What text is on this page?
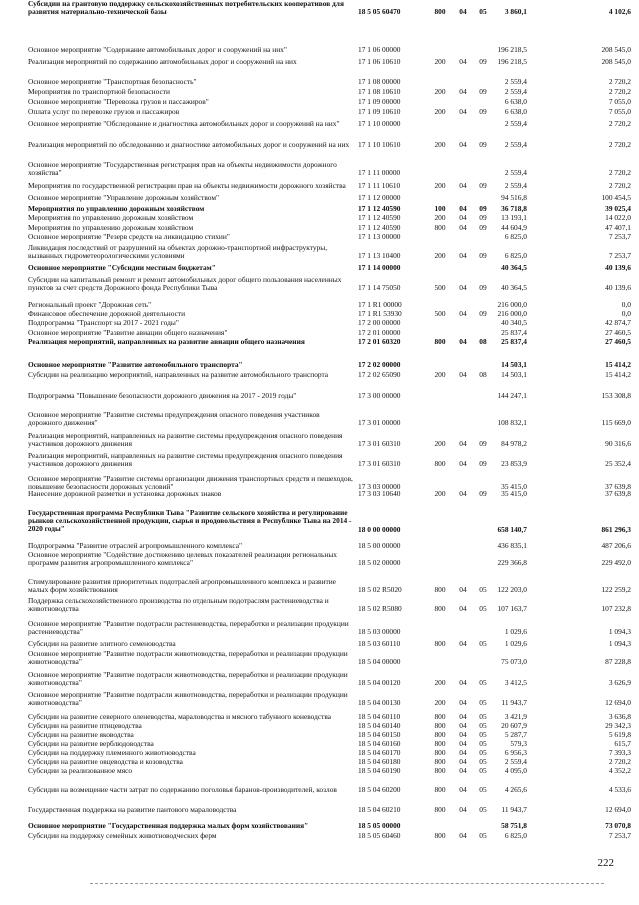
Основное мероприятие "Содержание автомобильных дорог и сооружений на них"	17 1 06 00000	196 218,5	208 545,0
Реализация мероприятий по содержанию автомобильных дорог и сооружений на них	17 1 06 10610	200	04	09	196 218,5	208 545,0
Основное мероприятие "Транспортная безопасность"	17 1 08 00000	2 559,4	2 720,2
Мероприятия по транспортной безопасности	17 1 08 10610	200	04	09	2 559,4	2 720,2
Основное мероприятие "Перевозка грузов и пассажиров"	17 1 09 00000	6 638,0	7 055,0
Оплата услуг по перевозке грузов и пассажиров	17 1 09 10610	200	04	09	6 638,0	7 055,0
Основное мероприятие "Обследование и диагностика автомобильных дорог и сооружений на них"	17 1 10 00000	2 559,4	2 720,2
Реализация мероприятий по обследованию и диагностике автомобильных дорог и сооружений на них	17 1 10 10610	200	04	09	2 559,4	2 720,2
Основное мероприятие "Государственная регистрация прав на объекты недвижимости дорожного хозяйства"	17 1 11 00000	2 559,4	2 720,2
Мероприятия по государственной регистрации прав на объекты недвижимости дорожного хозяйства	17 1 11 10610	200	04	09	2 559,4	2 720,2
Основное мероприятие "Управление дорожным хозяйством"	17 1 12 00000	94 516,8	100 454,5
Мероприятия по управлению дорожным хозяйством	17 1 12 40590	100	04	09	36 718,8	39 025,4
Мероприятия по управлению дорожным хозяйством	17 1 12 40590	200	04	09	13 193,1	14 022,0
Мероприятия по управлению дорожным хозяйством	17 1 12 40590	800	04	09	44 604,9	47 407,1
Основное мероприятие "Резерв средств на ликвидацию стихии"	17 1 13 00000	6 825,0	7 253,7
Ликвидация последствий от разрушений на объектах дорожно-транспортной инфраструктуры, вызванных гидрометеорологическими условиями	17 1 13 10400	200	04	09	6 825,0	7 253,7
Основное мероприятие "Субсидии местным бюджетам"	17 1 14 00000	40 364,5	40 139,6
Субсидии на капитальный ремонт и ремонт автомобильных дорог общего пользования населенных пунктов за счет средств Дорожного фонда Республики Тыва	17 1 14 75050	500	04	09	40 364,5	40 139,6
Региональный проект "Дорожная сеть"	17 1 R1 00000	216 000,0	0,0
Финансовое обеспечение дорожной деятельности	17 1 R1 53930	500	04	09	216 000,0	0,0
Подпрограмма "Транспорт на 2017 - 2021 годы"	17 2 00 00000	40 340,5	42 874,7
Основное мероприятие "Развитие авиации общего назначения"	17 2 01 00000	25 837,4	27 460,5
Реализация мероприятий, направленных на развитие авиации общего назначения	17 2 01 60320	800	04	08	25 837,4	27 460,5
Основное мероприятие "Развитие автомобильного транспорта"	17 2 02 00000	14 503,1	15 414,2
Субсидии на реализацию мероприятий, направленных на развитие автомобильного транспорта	17 2 02 65090	200	04	08	14 503,1	15 414,2
Подпрограмма "Повышение безопасности дорожного движения на 2017 - 2019 годы"	17 3 00 00000	144 247,1	153 308,8
Основное мероприятие "Развитие системы предупреждения опасного поведения участников дорожного движения"	17 3 01 00000	108 832,1	115 669,0
Реализация мероприятий, направленных на развитие системы предупреждения опасного поведения участников дорожного движения	17 3 01 60310	200	04	09	84 978,2	90 316,6
Реализация мероприятий, направленных на развитие системы предупреждения опасного поведения участников дорожного движения	17 3 01 60310	800	04	09	23 853,9	25 352,4
Основное мероприятие "Развитие системы организации движения транспортных средств и пешеходов, повышение безопасности дорожных условий"	17 3 03 00000	35 415,0	37 639,8
Нанесение дорожной разметки и установка дорожных знаков	17 3 03 10640	200	04	09	35 415,0	37 639,8
Государственная программа Республики Тыва "Развитие сельского хозяйства и регулирование рынков сельскохозяйственной продукции, сырья и продовольствия в Республике Тыва на 2014 - 2020 годы"	18 0 00 00000	658 140,7	861 296,3
Подпрограмма "Развитие отраслей агропромышленного комплекса"	18 5 00 00000	436 835,1	487 206,6
Основное мероприятие "Содействие достижению целевых показателей реализации региональных программ развития агропромышленного комплекса"	18 5 02 00000	229 366,8	229 492,0
Стимулирование развития приоритетных подотраслей агропромышленного комплекса и развитие малых форм хозяйствования	18 5 02 R5020	800	04	05	122 203,0	122 259,2
Поддержка сельскохозяйственного производства по отдельным подотраслям растениеводства и животноводства	18 5 02 R5080	800	04	05	107 163,7	107 232,8
Основное мероприятие "Развитие подотрасли растениеводства, переработки и реализации продукции растениеводства"	18 5 03 00000	1 029,6	1 094,3
Субсидии на развитие элитного семеноводства	18 5 03 60110	800	04	05	1 029,6	1 094,3
Основное мероприятие "Развитие подотрасли животноводства, переработки и реализации продукции животноводства"	18 5 04 00000	75 073,0	87 228,8
Основное мероприятие "Развитие подотрасли животноводства, переработки и реализации продукции животноводства"	18 5 04 00120	200	04	05	3 412,5	3 626,9
Основное мероприятие "Развитие подотрасли животноводства, переработки и реализации продукции животноводства"	18 5 04 00130	200	04	05	11 943,7	12 694,0
Субсидии на развитие северного оленеводства, мараловодства и мясного табунного коневодства	18 5 04 60110	800	04	05	3 421,9	3 636,8
Субсидии на развитие птицеводства	18 5 04 60140	800	04	05	20 607,9	29 342,3
Субсидии на развитие яководства	18 5 04 60150	800	04	05	5 287,7	5 619,8
Субсидии на развитие верблюдоводства	18 5 04 60160	800	04	05	579,3	615,7
Субсидии на поддержку племенного животноводства	18 5 04 60170	800	04	05	6 956,3	7 393,3
Субсидии на развитие овцеводства и козоводства	18 5 04 60180	800	04	05	2 559,4	2 720,2
Субсидии за реализованное мясо	18 5 04 60190	800	04	05	4 095,0	4 352,2
Субсидии на возмещение части затрат по содержанию поголовья баранов-производителей, козлов	18 5 04 60200	800	04	05	4 265,6	4 533,6
Государственная поддержка на развитие пантового мараловодства	18 5 04 60210	800	04	05	11 943,7	12 694,0
Основное мероприятие "Государственная поддержка малых форм хозяйствования"	18 5 05 00000	58 751,8	73 070,8
Субсидии на поддержку семейных животноводческих ферм	18 5 05 60460	800	04	05	6 825,0	7 253,7
Субсидии на грантовую поддержку сельскохозяйственных потребительских кооперативов для развития материально-технической базы	18 5 05 60470	800	04	05	3 860,1	4 102,6
222
